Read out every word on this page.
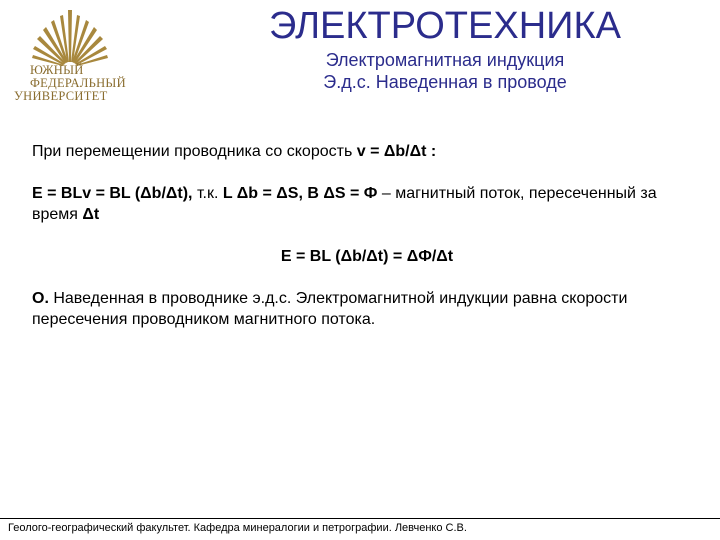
ЮЖНЫЙ
ФЕДЕРАЛЬНЫЙ
УНИВЕРСИТЕТ
ЭЛЕКТРОТЕХНИКА
Электромагнитная индукция
Э.д.с. Наведенная в проводе

При перемещении проводника со скорость v = Δb/Δt :

E = BLv = BL (Δb/Δt), т.к. L Δb = ΔS, B ΔS = Ф – магнитный поток, пересеченный за время Δt

E = BL (Δb/Δt) = ΔФ/Δt

О. Наведенная в проводнике э.д.с. Электромагнитной индукции равна скорости пересечения проводником магнитного потока.

Геолого-географический факультет. Кафедра минералогии и петрографии. Левченко С.В.
